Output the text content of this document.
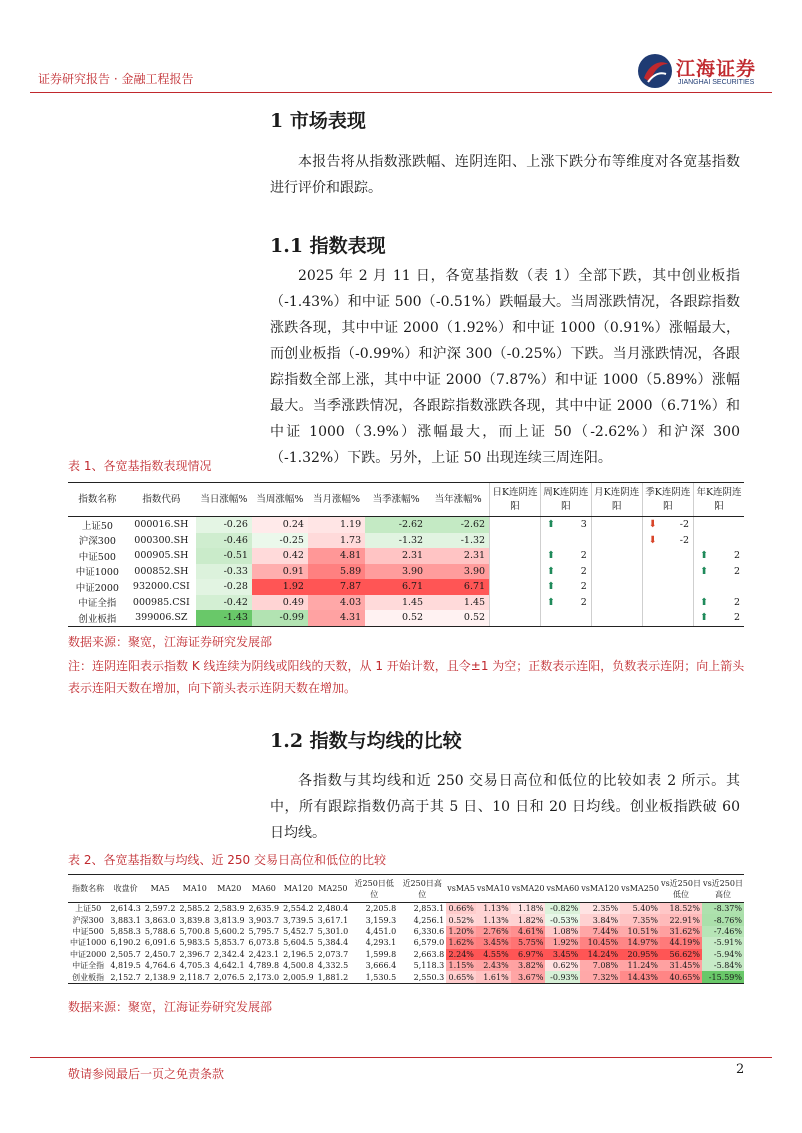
证券研究报告 · 金融工程报告	江海证券
JIANGHAI SECURITIES
1 市场表现
本报告将从指数涨跌幅、连阴连阳、上涨下跌分布等维度对各宽基指数进行评价和跟踪。
1.1 指数表现
2025 年 2 月 11 日，各宽基指数（表 1）全部下跌，其中创业板指（-1.43%）和中证 500（-0.51%）跌幅最大。当周涨跌情况，各跟踪指数涨跌各现，其中中证 2000（1.92%）和中证 1000（0.91%）涨幅最大，而创业板指（-0.99%）和沪深 300（-0.25%）下跌。当月涨跌情况，各跟踪指数全部上涨，其中中证 2000（7.87%）和中证 1000（5.89%）涨幅最大。当季涨跌情况，各跟踪指数涨跌各现，其中中证 2000（6.71%）和中证 1000（3.9%）涨幅最大，而上证 50（-2.62%）和沪深 300（-1.32%）下跌。另外，上证 50 出现连续三周连阳。
表 1、各宽基指数表现情况
指数名称	指数代码	当日涨幅%	当周涨幅%	当月涨幅%	当季涨幅%	当年涨幅%	日K连阴连阳	周K连阴连阳	月K连阴连阳	季K连阴连阳	年K连阴连阳
上证50	000016.SH	-0.26	0.24	1.19	-2.62	-2.62		⬆ 3		⬇ -2	
沪深300	000300.SH	-0.46	-0.25	1.73	-1.32	-1.32				⬇ -2	
中证500	000905.SH	-0.51	0.42	4.81	2.31	2.31		⬆ 2			⬆ 2
中证1000	000852.SH	-0.33	0.91	5.89	3.90	3.90		⬆ 2			⬆ 2
中证2000	932000.CSI	-0.28	1.92	7.87	6.71	6.71		⬆ 2			
中证全指	000985.CSI	-0.42	0.49	4.03	1.45	1.45		⬆ 2			⬆ 2
创业板指	399006.SZ	-1.43	-0.99	4.31	0.52	0.52					⬆ 2
数据来源：聚宽，江海证券研究发展部
注：连阴连阳表示指数 K 线连续为阴线或阳线的天数，从 1 开始计数，且令±1 为空；正数表示连阳，负数表示连阴；向上箭头表示连阳天数在增加，向下箭头表示连阴天数在增加。
1.2 指数与均线的比较
各指数与其均线和近 250 交易日高位和低位的比较如表 2 所示。其中，所有跟踪指数仍高于其 5 日、10 日和 20 日均线。创业板指跌破 60 日均线。
表 2、各宽基指数与均线、近 250 交易日高位和低位的比较
指数名称	收盘价	MA5	MA10	MA20	MA60	MA120	MA250	近250日低位	近250日高位	vsMA5	vsMA10	vsMA20	vsMA60	vsMA120	vsMA250	vs近250日低位	vs近250日高位
上证50	2,614.3	2,597.2	2,585.2	2,583.9	2,635.9	2,554.2	2,480.4	2,205.8	2,853.1	0.66%	1.13%	1.18%	-0.82%	2.35%	5.40%	18.52%	-8.37%
沪深300	3,883.1	3,863.0	3,839.8	3,813.9	3,903.7	3,739.5	3,617.1	3,159.3	4,256.1	0.52%	1.13%	1.82%	-0.53%	3.84%	7.35%	22.91%	-8.76%
中证500	5,858.3	5,788.6	5,700.8	5,600.2	5,795.7	5,452.7	5,301.0	4,451.0	6,330.6	1.20%	2.76%	4.61%	1.08%	7.44%	10.51%	31.62%	-7.46%
中证1000	6,190.2	6,091.6	5,983.5	5,853.7	6,073.8	5,604.5	5,384.4	4,293.1	6,579.0	1.62%	3.45%	5.75%	1.92%	10.45%	14.97%	44.19%	-5.91%
中证2000	2,505.7	2,450.7	2,396.7	2,342.4	2,423.1	2,196.5	2,073.7	1,599.8	2,663.8	2.24%	4.55%	6.97%	3.45%	14.24%	20.95%	56.62%	-5.94%
中证全指	4,819.5	4,764.6	4,705.3	4,642.1	4,789.8	4,500.8	4,332.5	3,666.4	5,118.3	1.15%	2.43%	3.82%	0.62%	7.08%	11.24%	31.45%	-5.84%
创业板指	2,152.7	2,138.9	2,118.7	2,076.5	2,173.0	2,005.9	1,881.2	1,530.5	2,550.3	0.65%	1.61%	3.67%	-0.93%	7.32%	14.43%	40.65%	-15.59%
数据来源：聚宽，江海证券研究发展部
敬请参阅最后一页之免责条款	2
